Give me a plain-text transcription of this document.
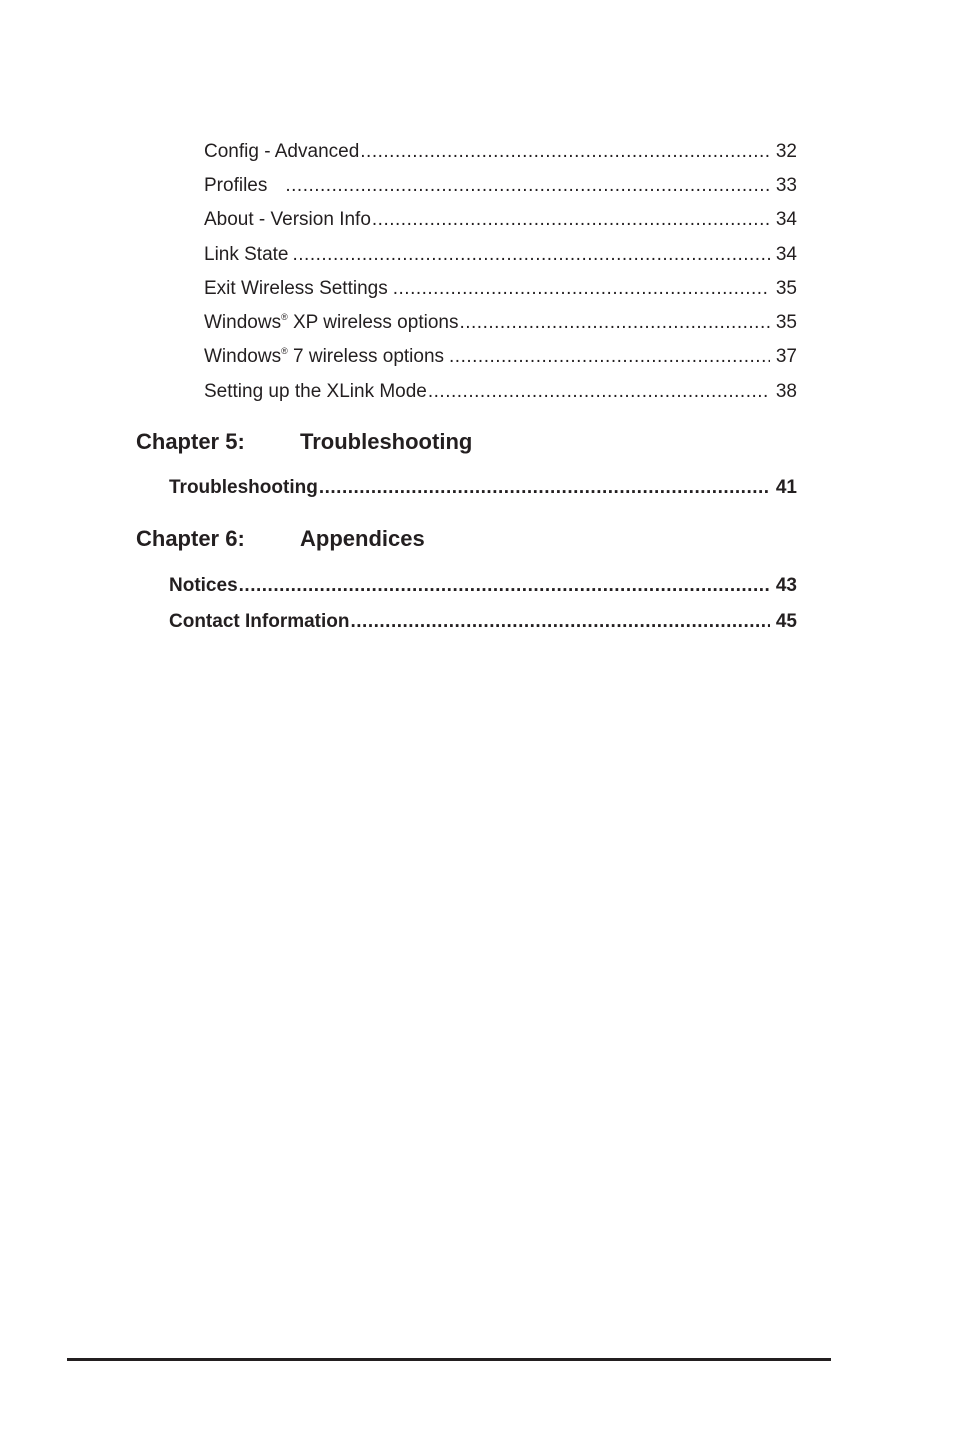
Config - Advanced .....	32
Profiles .....	33
About - Version Info .....	34
Link State .....	34
Exit Wireless Settings .....	35
Windows® XP wireless options .....	35
Windows® 7 wireless options .....	37
Setting up the XLink Mode .....	38
Chapter 5:	Troubleshooting
Troubleshooting .....	41
Chapter 6:	Appendices
Notices .....	43
Contact Information .....	45
